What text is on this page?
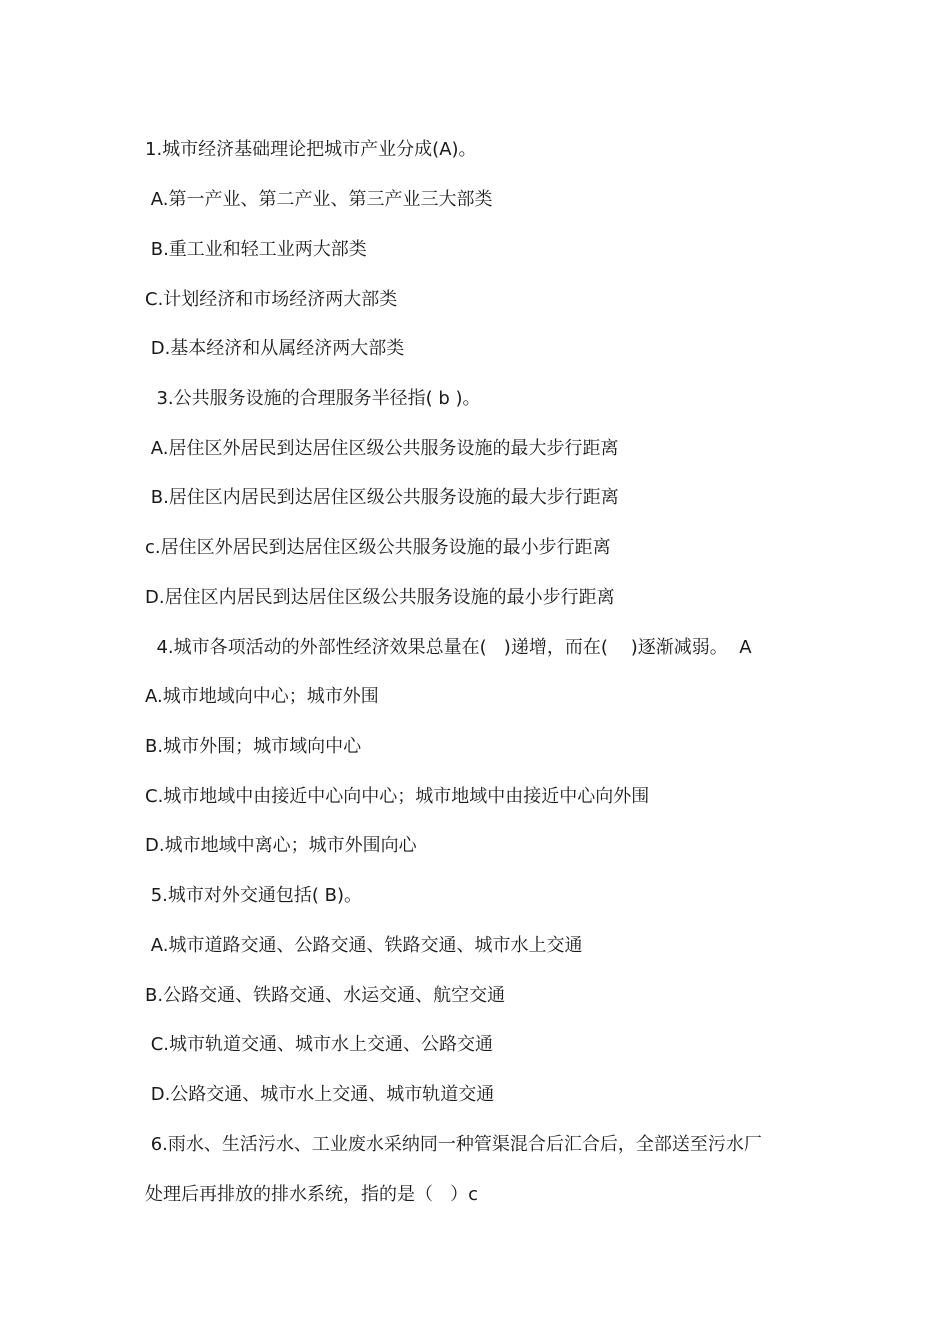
1.城市经济基础理论把城市产业分成(A)。
A.第一产业、第二产业、第三产业三大部类
B.重工业和轻工业两大部类
C.计划经济和市场经济两大部类
D.基本经济和从属经济两大部类
3.公共服务设施的合理服务半径指( b )。
A.居住区外居民到达居住区级公共服务设施的最大步行距离
B.居住区内居民到达居住区级公共服务设施的最大步行距离
c.居住区外居民到达居住区级公共服务设施的最小步行距离
D.居住区内居民到达居住区级公共服务设施的最小步行距离
4.城市各项活动的外部性经济效果总量在(   )递增，而在(    )逐渐减弱。  A
A.城市地域向中心；城市外围
B.城市外围；城市域向中心
C.城市地域中由接近中心向中心；城市地域中由接近中心向外围
D.城市地域中离心；城市外围向心
5.城市对外交通包括( B)。
A.城市道路交通、公路交通、铁路交通、城市水上交通
B.公路交通、铁路交通、水运交通、航空交通
C.城市轨道交通、城市水上交通、公路交通
D.公路交通、城市水上交通、城市轨道交通
6.雨水、生活污水、工业废水采纳同一种管渠混合后汇合后，全部送至污水厂
处理后再排放的排水系统，指的是（   ）c
